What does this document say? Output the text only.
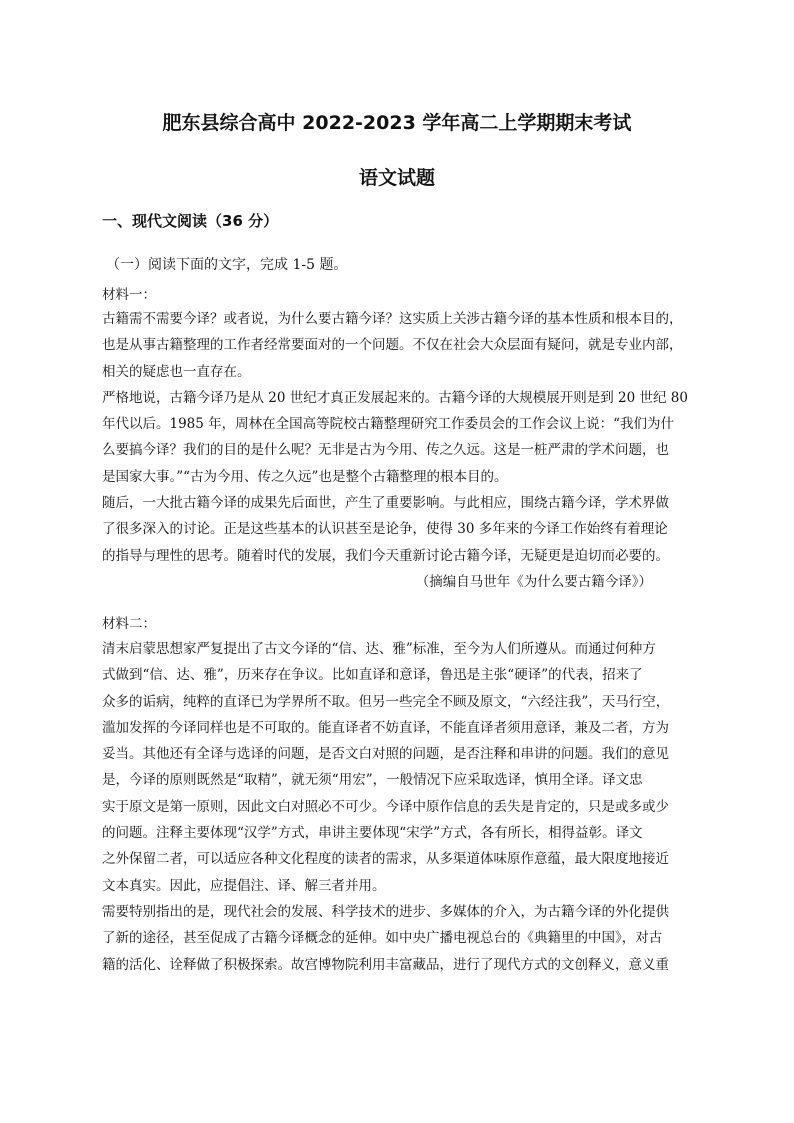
肥东县综合高中 2022-2023 学年高二上学期期末考试
语文试题

一、现代文阅读（36 分）

（一）阅读下面的文字，完成 1-5 题。

材料一：

古籍需不需要今译？或者说，为什么要古籍今译？这实质上关涉古籍今译的基本性质和根本目的，
也是从事古籍整理的工作者经常要面对的一个问题。不仅在社会大众层面有疑问，就是专业内部，
相关的疑虑也一直存在。
严格地说，古籍今译乃是从 20 世纪才真正发展起来的。古籍今译的大规模展开则是到 20 世纪 80
年代以后。1985 年，周林在全国高等院校古籍整理研究工作委员会的工作会议上说：“我们为什
么要搞今译？我们的目的是什么呢？无非是古为今用、传之久远。这是一桩严肃的学术问题，也
是国家大事。”“古为今用、传之久远”也是整个古籍整理的根本目的。
随后，一大批古籍今译的成果先后面世，产生了重要影响。与此相应，围绕古籍今译，学术界做
了很多深入的讨论。正是这些基本的认识甚至是论争，使得 30 多年来的今译工作始终有着理论
的指导与理性的思考。随着时代的发展，我们今天重新讨论古籍今译，无疑更是迫切而必要的。
（摘编自马世年《为什么要古籍今译》）

材料二：

清末启蒙思想家严复提出了古文今译的“信、达、雅”标准，至今为人们所遵从。而通过何种方
式做到“信、达、雅”，历来存在争议。比如直译和意译，鲁迅是主张“硬译”的代表，招来了
众多的诟病，纯粹的直译已为学界所不取。但另一些完全不顾及原文，“六经注我”，天马行空，
滥加发挥的今译同样也是不可取的。能直译者不妨直译，不能直译者须用意译，兼及二者，方为
妥当。其他还有全译与选译的问题，是否文白对照的问题，是否注释和串讲的问题。我们的意见
是，今译的原则既然是“取精”，就无须“用宏”，一般情况下应采取选译，慎用全译。译文忠
实于原文是第一原则，因此文白对照必不可少。今译中原作信息的丢失是肯定的，只是或多或少
的问题。注释主要体现“汉学”方式，串讲主要体现“宋学”方式，各有所长，相得益彰。译文
之外保留二者，可以适应各种文化程度的读者的需求，从多渠道体味原作意蕴，最大限度地接近
文本真实。因此，应提倡注、译、解三者并用。
需要特别指出的是，现代社会的发展、科学技术的进步、多媒体的介入，为古籍今译的外化提供
了新的途径，甚至促成了古籍今译概念的延伸。如中央广播电视总台的《典籍里的中国》，对古
籍的活化、诠释做了积极探索。故宫博物院利用丰富藏品，进行了现代方式的文创释义，意义重
